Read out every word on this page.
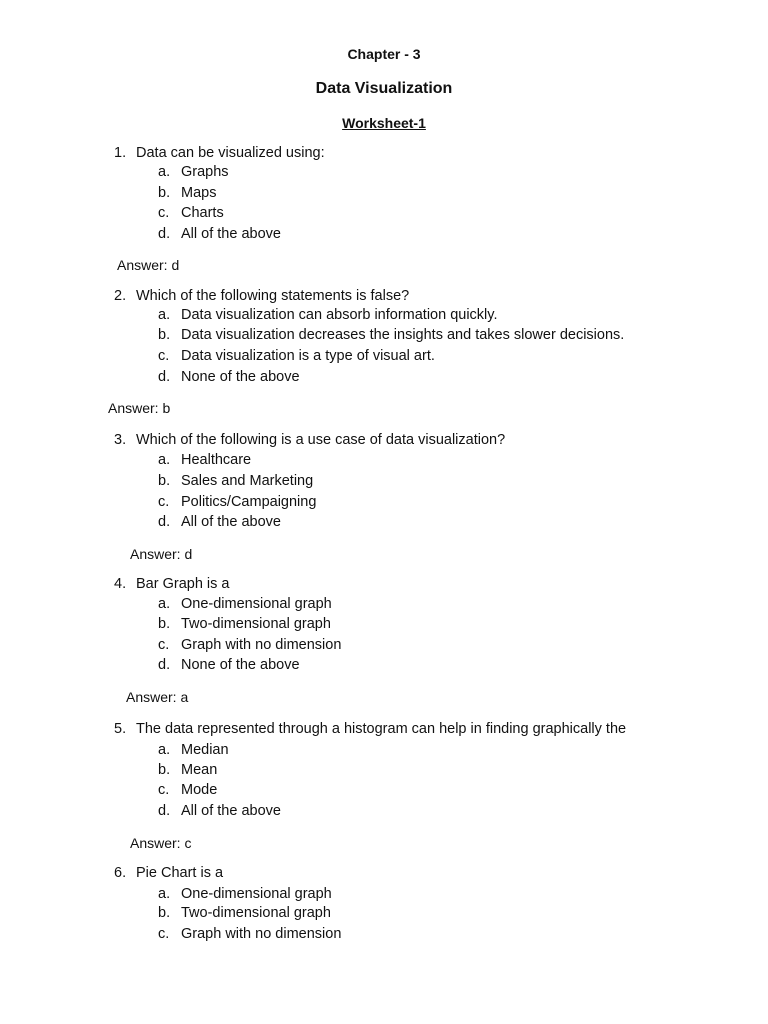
Chapter - 3
Data Visualization
Worksheet-1
1. Data can be visualized using:
a. Graphs
b. Maps
c. Charts
d. All of the above
Answer: d
2. Which of the following statements is false?
a. Data visualization can absorb information quickly.
b. Data visualization decreases the insights and takes slower decisions.
c. Data visualization is a type of visual art.
d. None of the above
Answer: b
3. Which of the following is a use case of data visualization?
a. Healthcare
b. Sales and Marketing
c. Politics/Campaigning
d. All of the above
Answer: d
4. Bar Graph is a
a. One-dimensional graph
b. Two-dimensional graph
c. Graph with no dimension
d. None of the above
Answer: a
5. The data represented through a histogram can help in finding graphically the
a. Median
b. Mean
c. Mode
d. All of the above
Answer: c
6. Pie Chart is a
a. One-dimensional graph
b. Two-dimensional graph
c. Graph with no dimension
